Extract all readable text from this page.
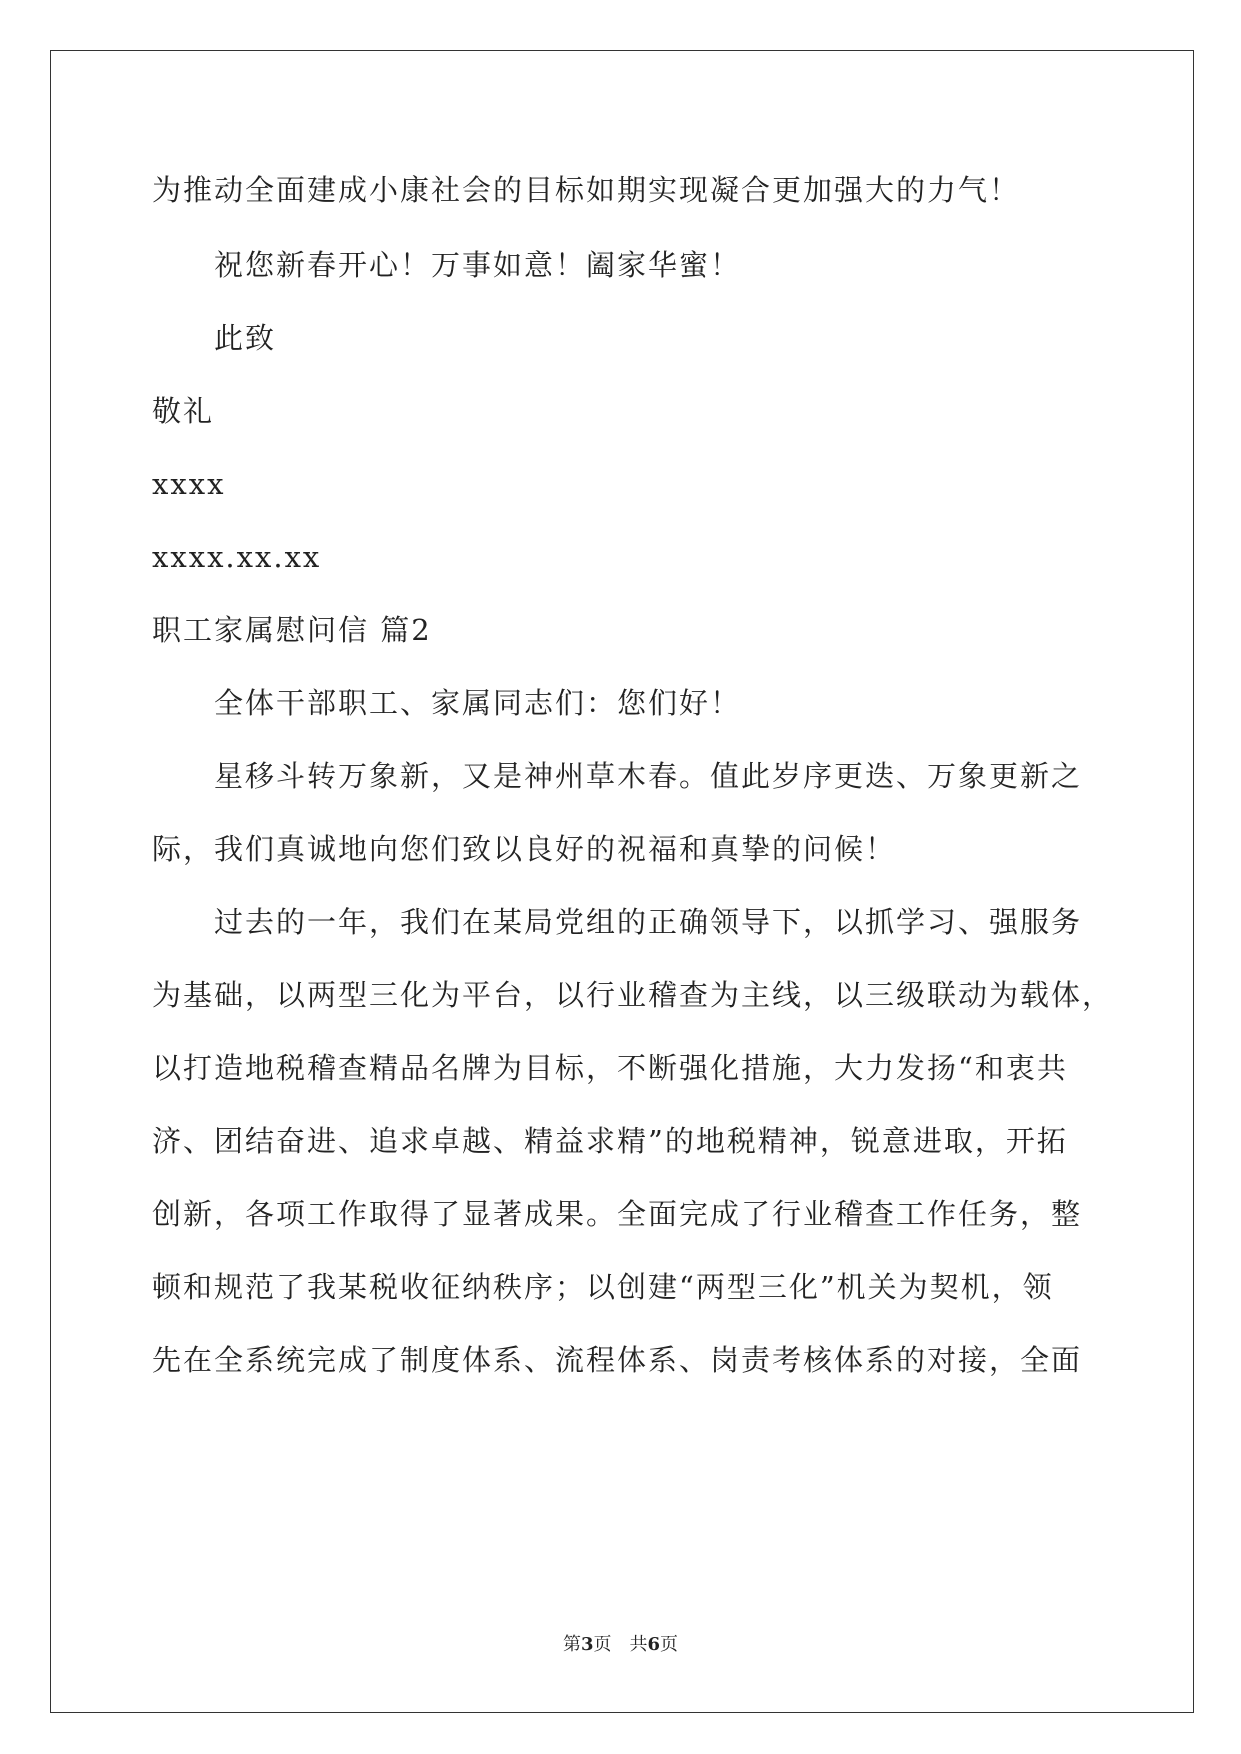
为推动全面建成小康社会的目标如期实现凝合更加强大的力气！
祝您新春开心！万事如意！阖家华蜜！
此致
敬礼
xxxx
xxxx.xx.xx
职工家属慰问信 篇2
全体干部职工、家属同志们：您们好！
星移斗转万象新，又是神州草木春。值此岁序更迭、万象更新之
际，我们真诚地向您们致以良好的祝福和真挚的问候！
过去的一年，我们在某局党组的正确领导下，以抓学习、强服务
为基础，以两型三化为平台，以行业稽查为主线，以三级联动为载体，
以打造地税稽查精品名牌为目标，不断强化措施，大力发扬“和衷共
济、团结奋进、追求卓越、精益求精”的地税精神，锐意进取，开拓
创新，各项工作取得了显著成果。全面完成了行业稽查工作任务，整
顿和规范了我某税收征纳秩序；以创建“两型三化”机关为契机，领
先在全系统完成了制度体系、流程体系、岗责考核体系的对接，全面
第3页　共6页
